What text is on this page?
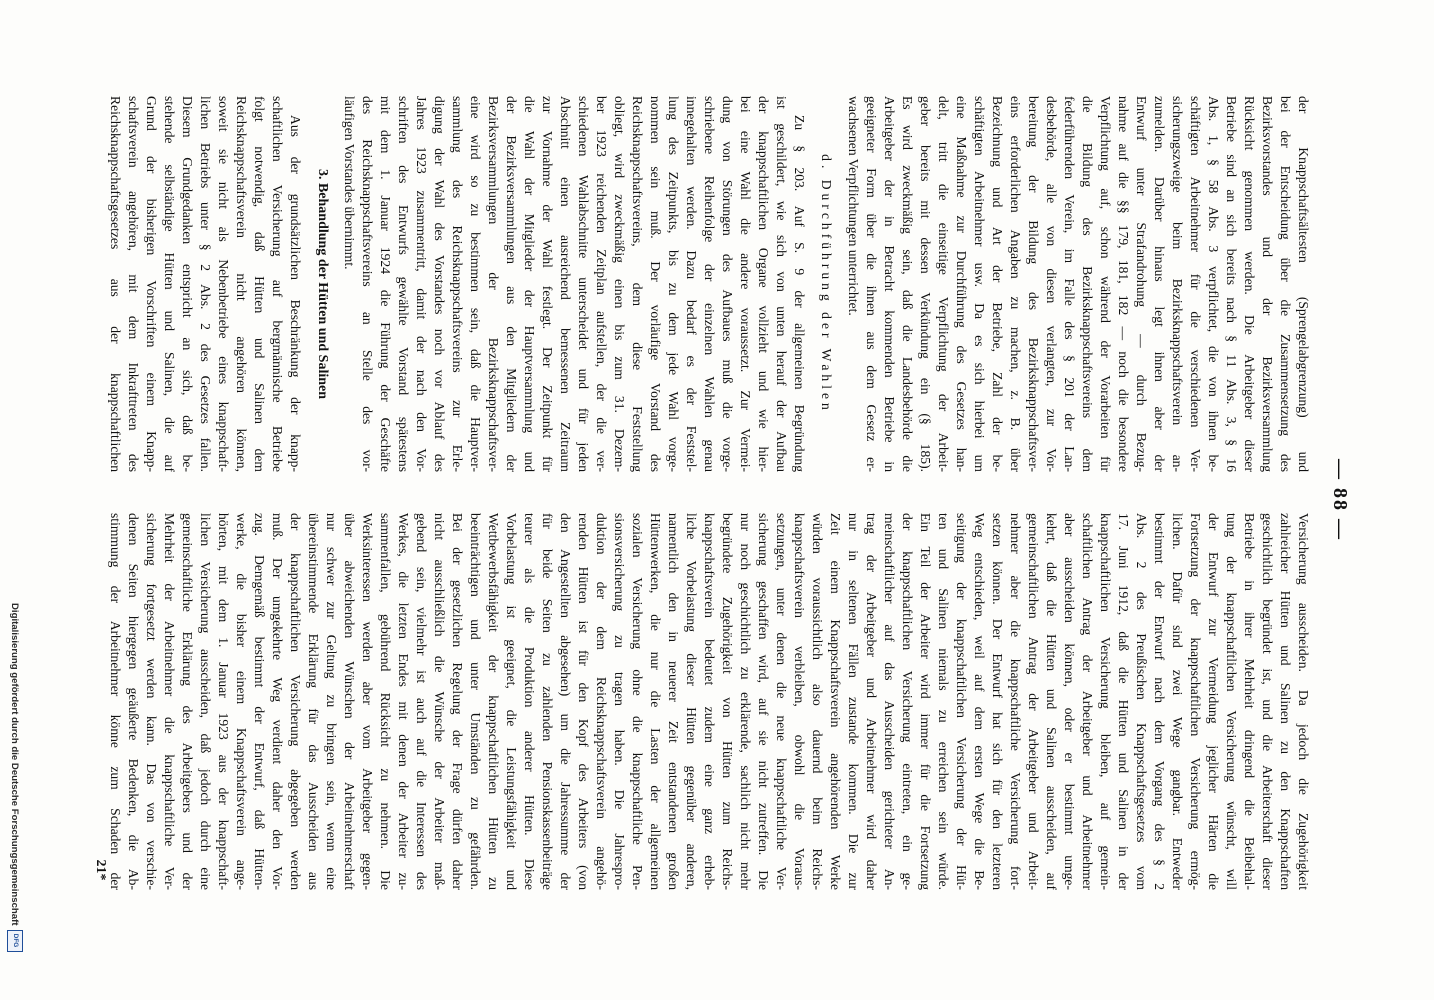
— 88 —
der Knappschaftsältesten (Sprengelabgrenzung) und
bei der Entscheidung über die Zusammensetzung des
Bezirksvorstandes und der Bezirksversammlung
Rücksicht genommen werden. Die Arbeitgeber dieser
Betriebe sind an sich bereits nach § 11 Abs. 3, § 16
Abs. 1, § 58 Abs. 3 verpflichtet, die von ihnen be-
schäftigten Arbeitnehmer für die verschiedenen Ver-
sicherungszweige beim Bezirksknappschaftsverein an-
zumelden. Darüber hinaus legt ihnen aber der
Entwurf unter Strafandrohung — durch Bezug-
nahme auf die §§ 179, 181, 182 — noch die besondere
Verpflichtung auf, schon während der Vorarbeiten für
die Bildung des Bezirksknappschaftsvereins dem
federführenden Verein, im Falle des § 201 der Lan-
desbehörde, alle von diesen verlangten, zur Vor-
bereitung der Bildung des Bezirksknappschaftsver-
eins erforderlichen Angaben zu machen, z. B. über
Bezeichnung und Art der Betriebe, Zahl der be-
schäftigten Arbeitnehmer usw. Da es sich hierbei um
eine Maßnahme zur Durchführung des Gesetzes han-
delt, tritt die einseitige Verpflichtung der Arbeit-
geber bereits mit dessen Verkündung ein (§ 185).
Es wird zweckmäßig sein, daß die Landesbehörde die
Arbeitgeber der in Betracht kommenden Betriebe in
geeigneter Form über die ihnen aus dem Gesetz er-
wachsenen Verpflichtungen unterrichtet.
d. Durchführung der Wahlen
Zu § 203. Auf S. 9 der allgemeinen Begründung
ist geschildert, wie sich von unten herauf der Aufbau
der knappschaftlichen Organe vollzieht und wie hier-
bei eine Wahl die andere voraussetzt. Zur Vermei-
dung von Störungen des Aufbaues muß die vorge-
schriebene Reihenfolge der einzelnen Wahlen genau
innegehalten werden. Dazu bedarf es der Feststel-
lung des Zeitpunkts, bis zu dem jede Wahl vorge-
nommen sein muß. Der vorläufige Vorstand des
Reichsknappschaftsvereins, dem diese Feststellung
obliegt, wird zweckmäßig einen bis zum 31. Dezem-
ber 1923 reichenden Zeitplan aufstellen, der die ver-
schiedenen Wahlabschnitte unterscheidet und für jeden
Abschnitt einen ausreichend bemessenen Zeitraum
zur Vornahme der Wahl festlegt. Der Zeitpunkt für
die Wahl der Mitglieder der Hauptversammlung und
der Bezirksversammlungen aus den Mitgliedern der
Bezirksversammlungen der Bezirksknappschaftsver-
eine wird so zu bestimmen sein, daß die Hauptver-
sammlung des Reichsknappschaftsvereins zur Erle-
digung der Wahl des Vorstandes noch vor Ablauf des
Jahres 1923 zusammentritt, damit der nach den Vor-
schriften des Entwurfs gewählte Vorstand spätestens
mit dem 1. Januar 1924 die Führung der Geschäfte
des Reichsknappschaftsvereins an Stelle des vor-
läufigen Vorstandes übernimmt.
3. Behandlung der Hütten und Salinen
Aus der grundsätzlichen Beschränkung der knapp-
schaftlichen Versicherung auf bergmännische Betriebe
folgt notwendig, daß Hütten und Salinen dem
Reichsknappschaftsverein nicht angehören können,
soweit sie nicht als Nebenbetriebe eines knappschaft-
lichen Betriebs unter § 2 Abs. 2 des Gesetzes fallen.
Diesem Grundgedanken entspricht an sich, daß be-
stehende selbständige Hütten und Salinen, die auf
Grund der bisherigen Vorschriften einem Knapp-
schaftsverein angehören, mit dem Inkrafttreten des
Reichsknappschaftsgesetzes aus der knappschaftlichen
Versicherung ausscheiden. Da jedoch die Zugehörigkeit
zahlreicher Hütten und Salinen zu den Knappschaften
geschichtlich begründet ist, und die Arbeiterschaft dieser
Betriebe in ihrer Mehrheit dringend die Beibehal-
tung der knappschaftlichen Versicherung wünscht, will
der Entwurf zur Vermeidung jeglicher Härten die
Fortsetzung der knappschaftlichen Versicherung ermög-
lichen. Dafür sind zwei Wege gangbar. Entweder
bestimmt der Entwurf nach dem Vorgang des § 2
Abs. 2 des Preußischen Knappschaftsgesetzes vom
17. Juni 1912, daß die Hütten und Salinen in der
knappschaftlichen Versicherung bleiben, auf gemein-
schaftlichen Antrag der Arbeitgeber und Arbeitnehmer
aber ausscheiden können, oder er bestimmt umge-
kehrt, daß die Hütten und Salinen ausscheiden, auf
gemeinschaftlichen Antrag der Arbeitgeber und Arbeit-
nehmer aber die knappschaftliche Versicherung fort-
setzen können. Der Entwurf hat sich für den letzteren
Weg entschieden, weil auf dem ersten Wege die Be-
seitigung der knappschaftlichen Versicherung der Hüt-
ten und Salinen niemals zu erreichen sein würde.
Ein Teil der Arbeiter wird immer für die Fortsetzung
der knappschaftlichen Versicherung eintreten, ein ge-
meinschaftlicher auf das Ausscheiden gerichteter An-
trag der Arbeitgeber und Arbeitnehmer wird daher
nur in seltenen Fällen zustande kommen. Die zur
Zeit einem Knappschaftsverein angehörenden Werke
würden voraussichtlich also dauernd beim Reichs-
knappschaftsverein verbleiben, obwohl die Voraus-
setzungen, unter denen die neue knappschaftliche Ver-
sicherung geschaffen wird, auf sie nicht zutreffen. Die
nur noch geschichtlich zu erklärende, sachlich nicht mehr
begründete Zugehörigkeit von Hütten zum Reichs-
knappschaftsverein bedeutet zudem eine ganz erheb-
liche Vorbelastung dieser Hütten gegenüber anderen,
namentlich den in neuerer Zeit entstandenen großen
Hüttenwerken, die nur die Lasten der allgemeinen
sozialen Versicherung ohne die knappschaftliche Pen-
sionsversicherung zu tragen haben. Die Jahrespro-
duktion der dem Reichsknappschaftsverein angehö-
renden Hütten ist für den Kopf des Arbeiters (von
den Angestellten abgesehen) um die Jahressumme der
für beide Seiten zu zahlenden Pensionskassenbeiträge
teurer als die Produktion anderer Hütten. Diese
Vorbelastung ist geeignet, die Leistungsfähigkeit und
Wettbewerbsfähigkeit der knappschaftlichen Hütten zu
beeinträchtigen und unter Umständen zu gefährden.
Bei der gesetzlichen Regelung der Frage dürfen daher
nicht ausschließlich die Wünsche der Arbeiter maß-
gebend sein, vielmehr ist auch auf die Interessen des
Werkes, die letzten Endes mit denen der Arbeiter zu-
sammenfallen, gebührend Rücksicht zu nehmen. Die
Werksinteressen werden aber vom Arbeitgeber gegen-
über abweichenden Wünschen der Arbeitnehmerschaft
nur schwer zur Geltung zu bringen sein, wenn eine
übereinstimmende Erklärung für das Ausscheiden aus
der knappschaftlichen Versicherung abgegeben werden
muß. Der umgekehrte Weg verdient daher den Vor-
zug. Demgemäß bestimmt der Entwurf, daß Hütten-
werke, die bisher einem Knappschaftsverein ange-
hörten, mit dem 1. Januar 1923 aus der knappschaft-
lichen Versicherung ausscheiden, daß jedoch durch eine
gemeinschaftliche Erklärung des Arbeitgebers und der
Mehrheit der Arbeitnehmer die knappschaftliche Ver-
sicherung fortgesetzt werden kann. Das von verschie-
denen Seiten hiergegen geäußerte Bedenken, die Ab-
stimmung der Arbeitnehmer könne zum Schaden der
21*
Digitalisierung gefördert durch die Deutsche Forschungsgemeinschaft
DFG
